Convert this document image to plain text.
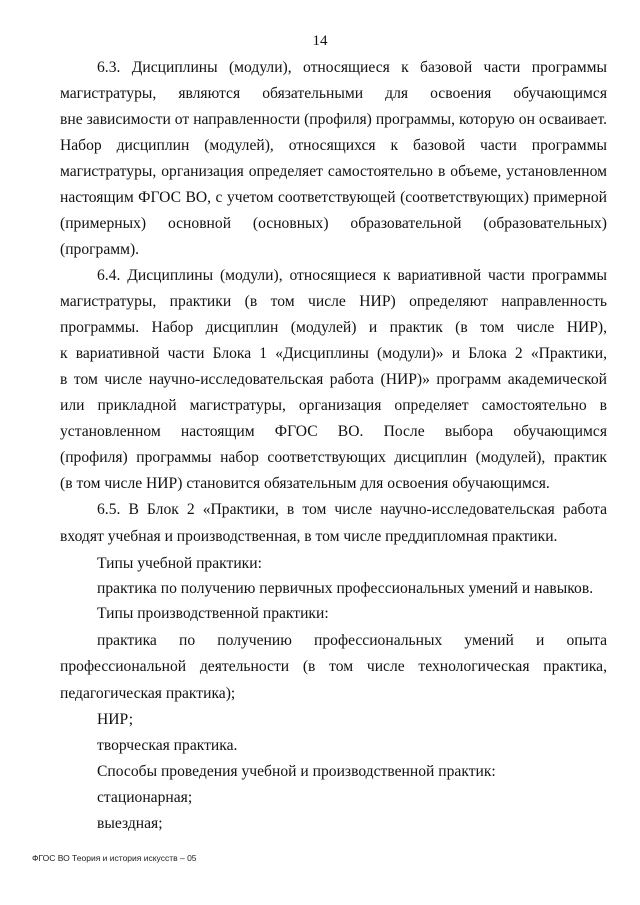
14
6.3. Дисциплины (модули), относящиеся к базовой части программы
магистратуры, являются обязательными для освоения обучающимся
вне зависимости от направленности (профиля) программы, которую он осваивает.
Набор дисциплин (модулей), относящихся к базовой части программы
магистратуры, организация определяет самостоятельно в объеме, установленном
настоящим ФГОС ВО, с учетом соответствующей (соответствующих) примерной
(примерных) основной (основных) образовательной (образовательных)
(программ).
6.4. Дисциплины (модули), относящиеся к вариативной части программы
магистратуры, практики (в том числе НИР) определяют направленность
программы. Набор дисциплин (модулей) и практик (в том числе НИР),
к вариативной части Блока 1 «Дисциплины (модули)» и Блока 2 «Практики,
в том числе научно-исследовательская работа (НИР)» программ академической
или прикладной магистратуры, организация определяет самостоятельно в
установленном настоящим ФГОС ВО. После выбора обучающимся
(профиля) программы набор соответствующих дисциплин (модулей), практик
(в том числе НИР) становится обязательным для освоения обучающимся.
6.5. В Блок 2 «Практики, в том числе научно-исследовательская работа
входят учебная и производственная, в том числе преддипломная практики.
Типы учебной практики:
практика по получению первичных профессиональных умений и навыков.
Типы производственной практики:
практика по получению профессиональных умений и опыта
профессиональной деятельности (в том числе технологическая практика,
педагогическая практика);
НИР;
творческая практика.
Способы проведения учебной и производственной практик:
стационарная;
выездная;
ФГОС ВО Теория и история искусств – 05
